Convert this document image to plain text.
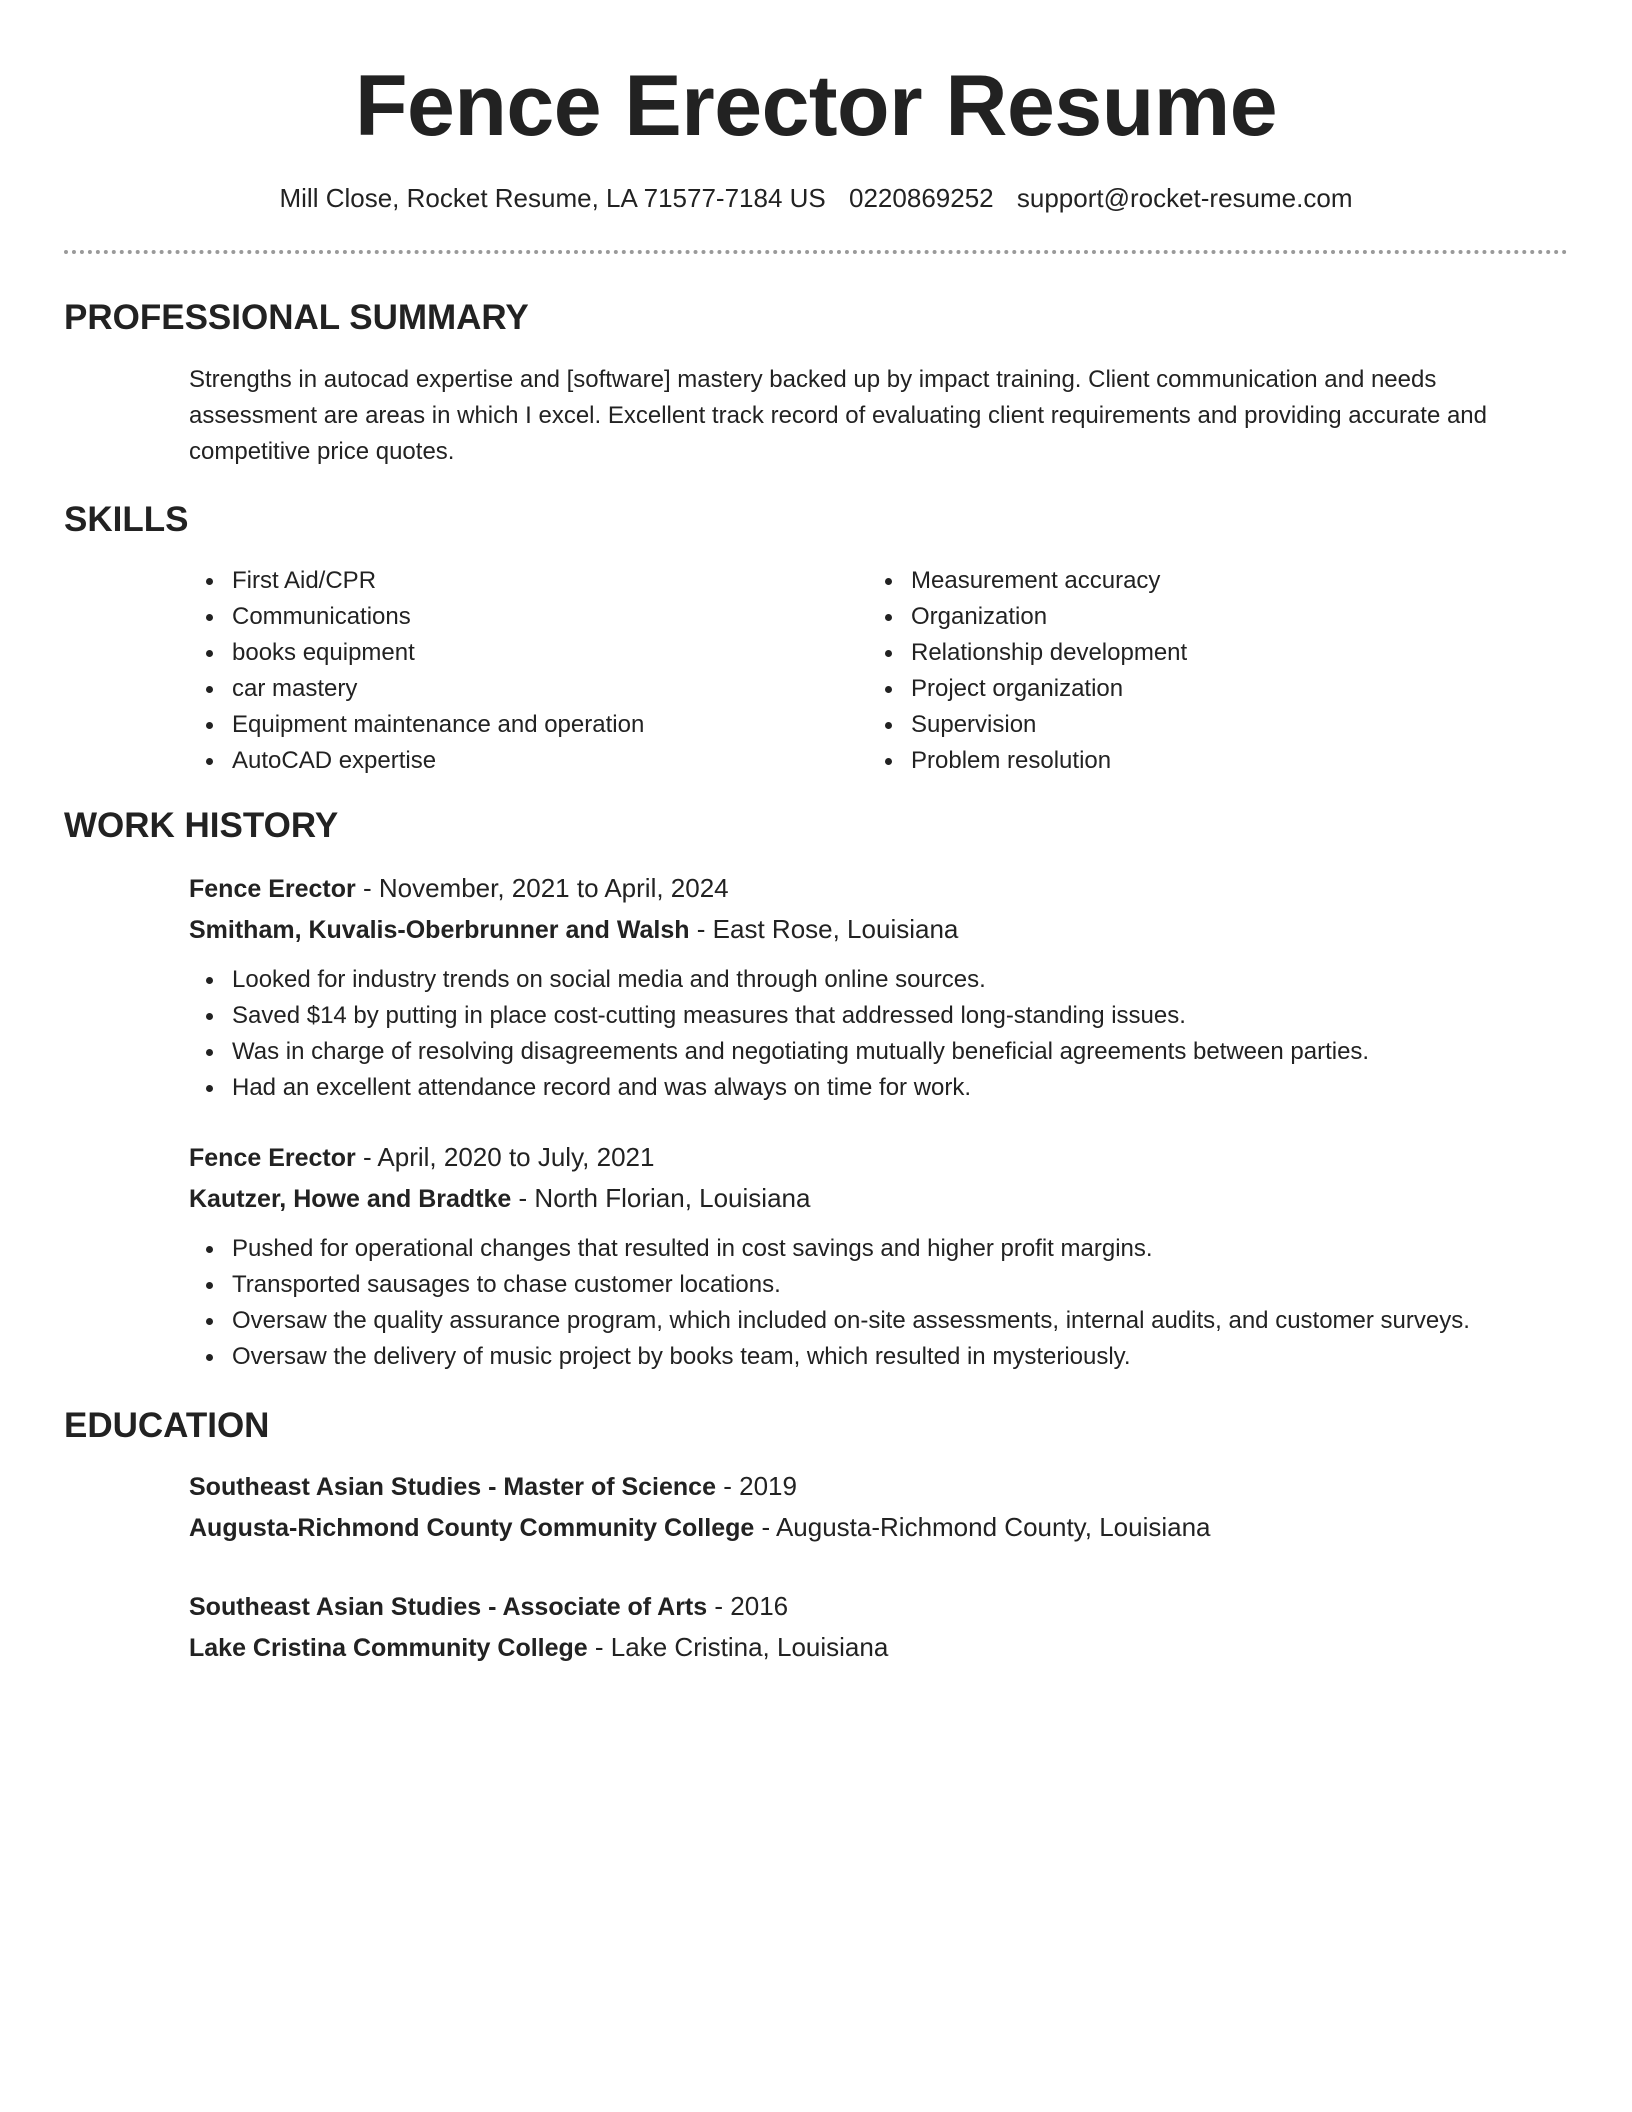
Fence Erector Resume
Mill Close, Rocket Resume, LA 71577-7184 US 0220869252 support@rocket-resume.com
PROFESSIONAL SUMMARY

Strengths in autocad expertise and [software] mastery backed up by impact training. Client communication and needs assessment are areas in which I excel. Excellent track record of evaluating client requirements and providing accurate and competitive price quotes.

SKILLS
First Aid/CPR
Communications
books equipment
car mastery
Equipment maintenance and operation
AutoCAD expertise
Measurement accuracy
Organization
Relationship development
Project organization
Supervision
Problem resolution
WORK HISTORY
Fence Erector - November, 2021 to April, 2024
Smitham, Kuvalis-Oberbrunner and Walsh - East Rose, Louisiana
Looked for industry trends on social media and through online sources.
Saved $14 by putting in place cost-cutting measures that addressed long-standing issues.
Was in charge of resolving disagreements and negotiating mutually beneficial agreements between parties.
Had an excellent attendance record and was always on time for work.
Fence Erector - April, 2020 to July, 2021
Kautzer, Howe and Bradtke - North Florian, Louisiana
Pushed for operational changes that resulted in cost savings and higher profit margins.
Transported sausages to chase customer locations.
Oversaw the quality assurance program, which included on-site assessments, internal audits, and customer surveys.
Oversaw the delivery of music project by books team, which resulted in mysteriously.
EDUCATION
Southeast Asian Studies - Master of Science - 2019
Augusta-Richmond County Community College - Augusta-Richmond County, Louisiana
Southeast Asian Studies - Associate of Arts - 2016
Lake Cristina Community College - Lake Cristina, Louisiana
